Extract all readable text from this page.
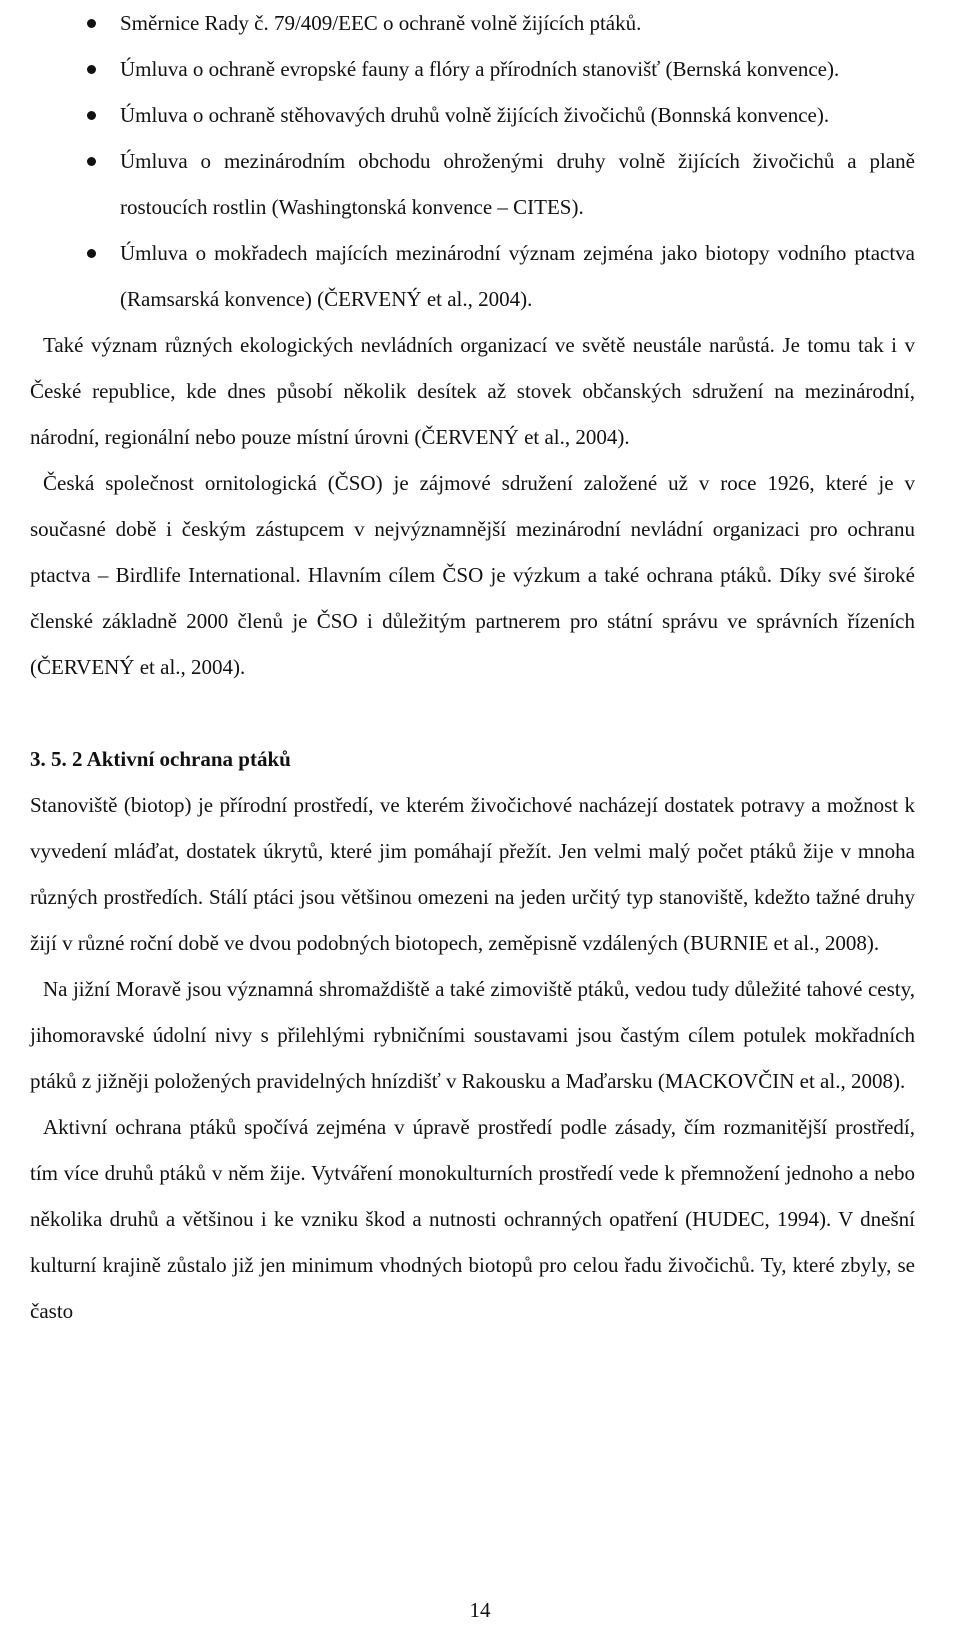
Směrnice Rady č. 79/409/EEC o ochraně volně žijících ptáků.
Úmluva o ochraně evropské fauny a flóry a přírodních stanovišť (Bernská konvence).
Úmluva o ochraně stěhovavých druhů volně žijících živočichů (Bonnská konvence).
Úmluva o mezinárodním obchodu ohroženými druhy volně žijících živočichů a planě rostoucích rostlin (Washingtonská konvence – CITES).
Úmluva o mokřadech majících mezinárodní význam zejména jako biotopy vodního ptactva (Ramsarská konvence) (ČERVENÝ et al., 2004).

Také význam různých ekologických nevládních organizací ve světě neustále narůstá. Je tomu tak i v České republice, kde dnes působí několik desítek až stovek občanských sdružení na mezinárodní, národní, regionální nebo pouze místní úrovni (ČERVENÝ et al., 2004).

Česká společnost ornitologická (ČSO) je zájmové sdružení založené už v roce 1926, které je v současné době i českým zástupcem v nejvýznamnější mezinárodní nevládní organizaci pro ochranu ptactva – Birdlife International. Hlavním cílem ČSO je výzkum a také ochrana ptáků. Díky své široké členské základně 2000 členů je ČSO i důležitým partnerem pro státní správu ve správních řízeních (ČERVENÝ et al., 2004).

3. 5. 2 Aktivní ochrana ptáků

Stanoviště (biotop) je přírodní prostředí, ve kterém živočichové nacházejí dostatek potravy a možnost k vyvedení mláďat, dostatek úkrytů, které jim pomáhají přežít. Jen velmi malý počet ptáků žije v mnoha různých prostředích. Stálí ptáci jsou většinou omezeni na jeden určitý typ stanoviště, kdežto tažné druhy žijí v různé roční době ve dvou podobných biotopech, zeměpisně vzdálených (BURNIE et al., 2008).

Na jižní Moravě jsou významná shromaždiště a také zimoviště ptáků, vedou tudy důležité tahové cesty, jihomoravské údolní nivy s přilehlými rybničními soustavami jsou častým cílem potulek mokřadních ptáků z jižněji položených pravidelných hnízdišť v Rakousku a Maďarsku (MACKOVČIN et al., 2008).

Aktivní ochrana ptáků spočívá zejména v úpravě prostředí podle zásady, čím rozmanitější prostředí, tím více druhů ptáků v něm žije. Vytváření monokulturních prostředí vede k přemnožení jednoho a nebo několika druhů a většinou i ke vzniku škod a nutnosti ochranných opatření (HUDEC, 1994). V dnešní kulturní krajině zůstalo již jen minimum vhodných biotopů pro celou řadu živočichů. Ty, které zbyly, se často

14
